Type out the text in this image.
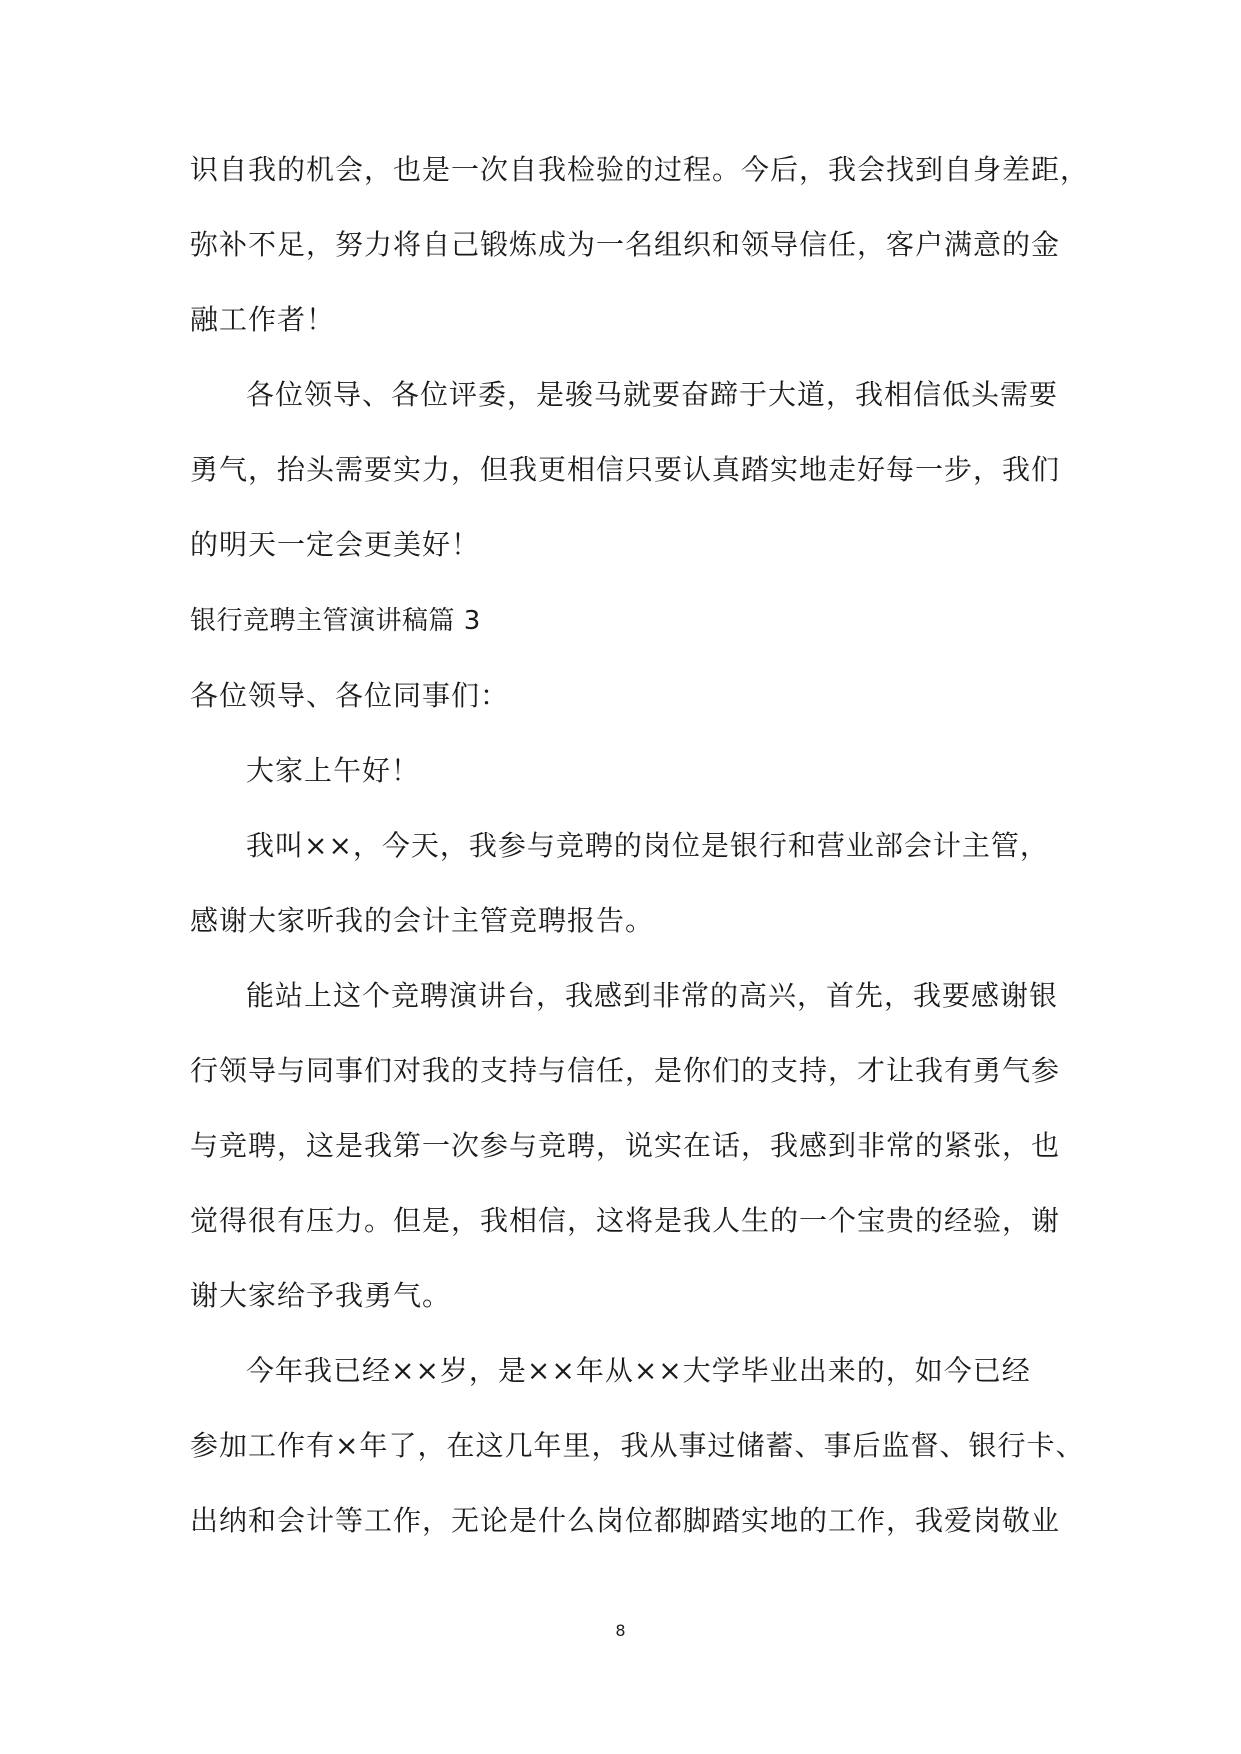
识自我的机会，也是一次自我检验的过程。今后，我会找到自身差距，
弥补不足，努力将自己锻炼成为一名组织和领导信任，客户满意的金
融工作者！
各位领导、各位评委，是骏马就要奋蹄于大道，我相信低头需要
勇气，抬头需要实力，但我更相信只要认真踏实地走好每一步，我们
的明天一定会更美好！
银行竞聘主管演讲稿篇 3
各位领导、各位同事们：
大家上午好！
我叫××，今天，我参与竞聘的岗位是银行和营业部会计主管，
感谢大家听我的会计主管竞聘报告。
能站上这个竞聘演讲台，我感到非常的高兴，首先，我要感谢银
行领导与同事们对我的支持与信任，是你们的支持，才让我有勇气参
与竞聘，这是我第一次参与竞聘，说实在话，我感到非常的紧张，也
觉得很有压力。但是，我相信，这将是我人生的一个宝贵的经验，谢
谢大家给予我勇气。
今年我已经××岁，是××年从××大学毕业出来的，如今已经
参加工作有×年了，在这几年里，我从事过储蓄、事后监督、银行卡、
出纳和会计等工作，无论是什么岗位都脚踏实地的工作，我爱岗敬业
8
